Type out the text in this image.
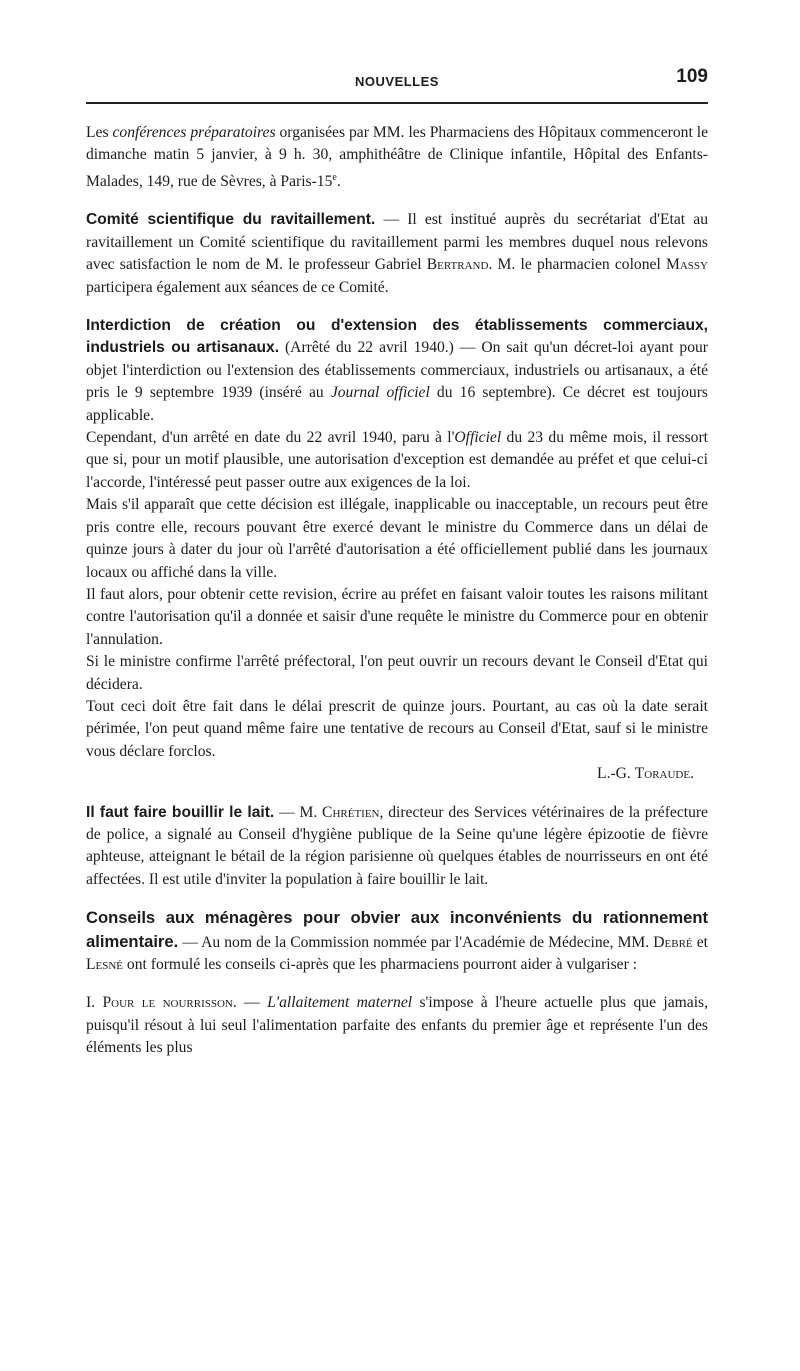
NOUVELLES	109

Les conférences préparatoires organisées par MM. les Pharmaciens des Hôpitaux commenceront le dimanche matin 5 janvier, à 9 h. 30, amphithéâtre de Clinique infantile, Hôpital des Enfants-Malades, 149, rue de Sèvres, à Paris-15e.

Comité scientifique du ravitaillement. — Il est institué auprès du secrétariat d'Etat au ravitaillement un Comité scientifique du ravitaillement parmi les membres duquel nous relevons avec satisfaction le nom de M. le professeur Gabriel Bertrand. M. le pharmacien colonel Massy participera également aux séances de ce Comité.

Interdiction de création ou d'extension des établissements commerciaux, industriels ou artisanaux. (Arrêté du 22 avril 1940.) — On sait qu'un décret-loi ayant pour objet l'interdiction ou l'extension des établissements commerciaux, industriels ou artisanaux, a été pris le 9 septembre 1939 (inséré au Journal officiel du 16 septembre). Ce décret est toujours applicable.

Cependant, d'un arrêté en date du 22 avril 1940, paru à l'Officiel du 23 du même mois, il ressort que si, pour un motif plausible, une autorisation d'exception est demandée au préfet et que celui-ci l'accorde, l'intéressé peut passer outre aux exigences de la loi.

Mais s'il apparaît que cette décision est illégale, inapplicable ou inacceptable, un recours peut être pris contre elle, recours pouvant être exercé devant le ministre du Commerce dans un délai de quinze jours à dater du jour où l'arrêté d'autorisation a été officiellement publié dans les journaux locaux ou affiché dans la ville.

Il faut alors, pour obtenir cette revision, écrire au préfet en faisant valoir toutes les raisons militant contre l'autorisation qu'il a donnée et saisir d'une requête le ministre du Commerce pour en obtenir l'annulation.

Si le ministre confirme l'arrêté préfectoral, l'on peut ouvrir un recours devant le Conseil d'Etat qui décidera.

Tout ceci doit être fait dans le délai prescrit de quinze jours. Pourtant, au cas où la date serait périmée, l'on peut quand même faire une tentative de recours au Conseil d'Etat, sauf si le ministre vous déclare forclos.

L.-G. Toraude.

Il faut faire bouillir le lait. — M. Chrétien, directeur des Services vétérinaires de la préfecture de police, a signalé au Conseil d'hygiène publique de la Seine qu'une légère épizootie de fièvre aphteuse, atteignant le bétail de la région parisienne où quelques étables de nourrisseurs en ont été affectées. Il est utile d'inviter la population à faire bouillir le lait.

Conseils aux ménagères pour obvier aux inconvénients du rationnement alimentaire. — Au nom de la Commission nommée par l'Académie de Médecine, MM. Debré et Lesné ont formulé les conseils ci-après que les pharmaciens pourront aider à vulgariser :

I. Pour le nourrisson. — L'allaitement maternel s'impose à l'heure actuelle plus que jamais, puisqu'il résout à lui seul l'alimentation parfaite des enfants du premier âge et représente l'un des éléments les plus
